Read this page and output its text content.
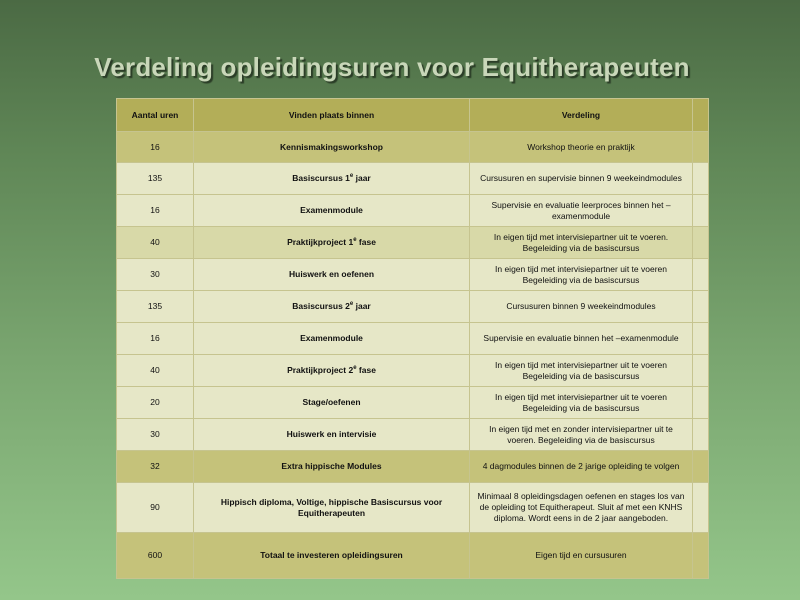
Verdeling opleidingsuren voor Equitherapeuten
Aantal uren	Vinden plaats binnen	Verdeling	
16	Kennismakingsworkshop	Workshop theorie en praktijk	
135	Basiscursus 1e jaar	Cursusuren en supervisie binnen 9 weekeindmodules	
16	Examenmodule	Supervisie en evaluatie leerproces binnen het –examenmodule	
40	Praktijkproject 1e fase	In eigen tijd met intervisiepartner uit te voeren. Begeleiding via de basiscursus	
30	Huiswerk en oefenen	In eigen tijd met intervisiepartner uit te voeren Begeleiding via de basiscursus	
135	Basiscursus 2e jaar	Cursusuren binnen 9 weekeindmodules	
16	Examenmodule	Supervisie en evaluatie binnen het –examenmodule	
40	Praktijkproject 2e fase	In eigen tijd met intervisiepartner uit te voeren Begeleiding via de basiscursus	
20	Stage/oefenen	In eigen tijd met intervisiepartner uit te voeren Begeleiding via de basiscursus	
30	Huiswerk en intervisie	In eigen tijd met en zonder intervisiepartner uit te voeren. Begeleiding via de basiscursus	
32	Extra hippische Modules	4 dagmodules binnen de 2 jarige opleiding te volgen	
90	Hippisch diploma, Voltige, hippische Basiscursus voor Equitherapeuten	Minimaal 8 opleidingsdagen oefenen en stages los van de opleiding tot Equitherapeut. Sluit af met een KNHS diploma. Wordt eens in de 2 jaar aangeboden.	
600	Totaal te investeren opleidingsuren	Eigen tijd en cursusuren	
